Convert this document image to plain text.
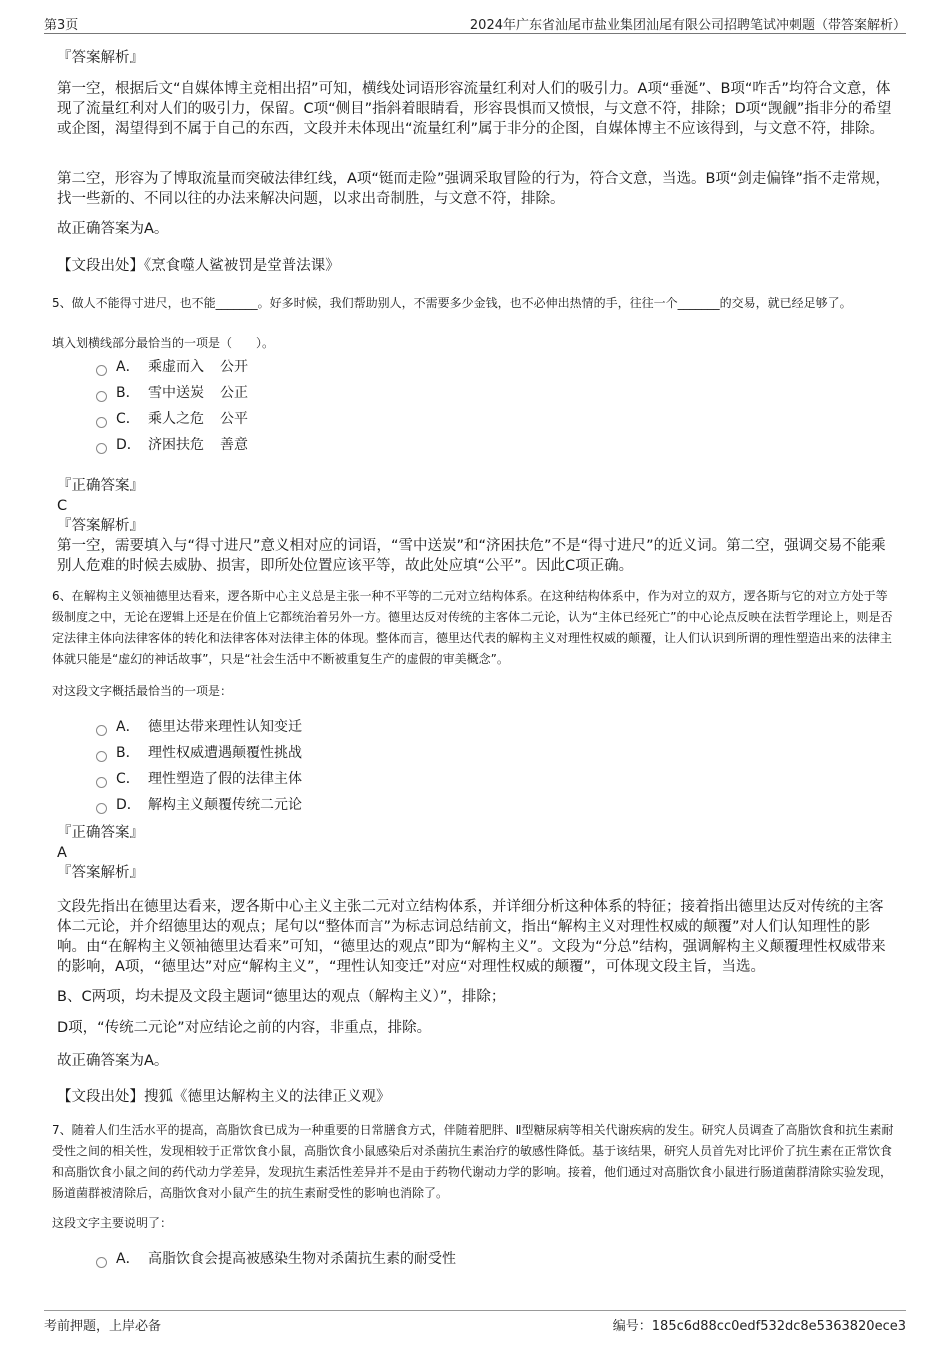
第3页	2024年广东省汕尾市盐业集团汕尾有限公司招聘笔试冲刺题（带答案解析）
『答案解析』
第一空，根据后文“自媒体博主竞相出招”可知，横线处词语形容流量红利对人们的吸引力。A项“垂涎”、B项“咋舌”均符合文意，体现了流量红利对人们的吸引力，保留。C项“侧目”指斜着眼睛看，形容畏惧而又愤恨，与文意不符，排除；D项“觊觎”指非分的希望或企图，渴望得到不属于自己的东西，文段并未体现出“流量红利”属于非分的企图，自媒体博主不应该得到，与文意不符，排除。
第二空，形容为了博取流量而突破法律红线，A项“铤而走险”强调采取冒险的行为，符合文意，当选。B项“剑走偏锋”指不走常规，找一些新的、不同以往的办法来解决问题，以求出奇制胜，与文意不符，排除。
故正确答案为A。
【文段出处】《烹食噬人鲨被罚是堂普法课》
5、做人不能得寸进尺，也不能_______。好多时候，我们帮助别人，不需要多少金钱，也不必伸出热情的手，往往一个_______的交易，就已经足够了。
填入划横线部分最恰当的一项是（　　）。
A． 乘虚而入 公开
B． 雪中送炭 公正
C． 乘人之危 公平
D． 济困扶危 善意
『正确答案』
C
『答案解析』
第一空，需要填入与“得寸进尺”意义相对应的词语，“雪中送炭”和“济困扶危”不是“得寸进尺”的近义词。第二空，强调交易不能乘别人危难的时候去威胁、损害，即所处位置应该平等，故此处应填“公平”。因此C项正确。
6、在解构主义领袖德里达看来，逻各斯中心主义总是主张一种不平等的二元对立结构体系。在这种结构体系中，作为对立的双方，逻各斯与它的对立方处于等级制度之中，无论在逻辑上还是在价值上它都统治着另外一方。德里达反对传统的主客体二元论，认为“主体已经死亡”的中心论点反映在法哲学理论上，则是否定法律主体向法律客体的转化和法律客体对法律主体的体现。整体而言，德里达代表的解构主义对理性权威的颠覆，让人们认识到所谓的理性塑造出来的法律主体就只能是“虚幻的神话故事”，只是“社会生活中不断被重复生产的虚假的审美概念”。
对这段文字概括最恰当的一项是：
A． 德里达带来理性认知变迁
B． 理性权威遭遇颠覆性挑战
C． 理性塑造了假的法律主体
D． 解构主义颠覆传统二元论
『正确答案』
A
『答案解析』
文段先指出在德里达看来，逻各斯中心主义主张二元对立结构体系，并详细分析这种体系的特征；接着指出德里达反对传统的主客体二元论，并介绍德里达的观点；尾句以“整体而言”为标志词总结前文，指出“解构主义对理性权威的颠覆”对人们认知理性的影响。由“在解构主义领袖德里达看来”可知，“德里达的观点”即为“解构主义”。文段为“分总”结构，强调解构主义颠覆理性权威带来的影响，A项，“德里达”对应“解构主义”，“理性认知变迁”对应“对理性权威的颠覆”，可体现文段主旨，当选。
B、C两项，均未提及文段主题词“德里达的观点（解构主义）”，排除；
D项，“传统二元论”对应结论之前的内容，非重点，排除。
故正确答案为A。
【文段出处】搜狐《德里达解构主义的法律正义观》
7、随着人们生活水平的提高，高脂饮食已成为一种重要的日常膳食方式，伴随着肥胖、Ⅱ型糖尿病等相关代谢疾病的发生。研究人员调查了高脂饮食和抗生素耐受性之间的相关性，发现相较于正常饮食小鼠，高脂饮食小鼠感染后对杀菌抗生素治疗的敏感性降低。基于该结果，研究人员首先对比评价了抗生素在正常饮食和高脂饮食小鼠之间的药代动力学差异，发现抗生素活性差异并不是由于药物代谢动力学的影响。接着，他们通过对高脂饮食小鼠进行肠道菌群清除实验发现，肠道菌群被清除后，高脂饮食对小鼠产生的抗生素耐受性的影响也消除了。
这段文字主要说明了：
A． 高脂饮食会提高被感染生物对杀菌抗生素的耐受性
考前押题，上岸必备	编号：185c6d88cc0edf532dc8e5363820ece3
